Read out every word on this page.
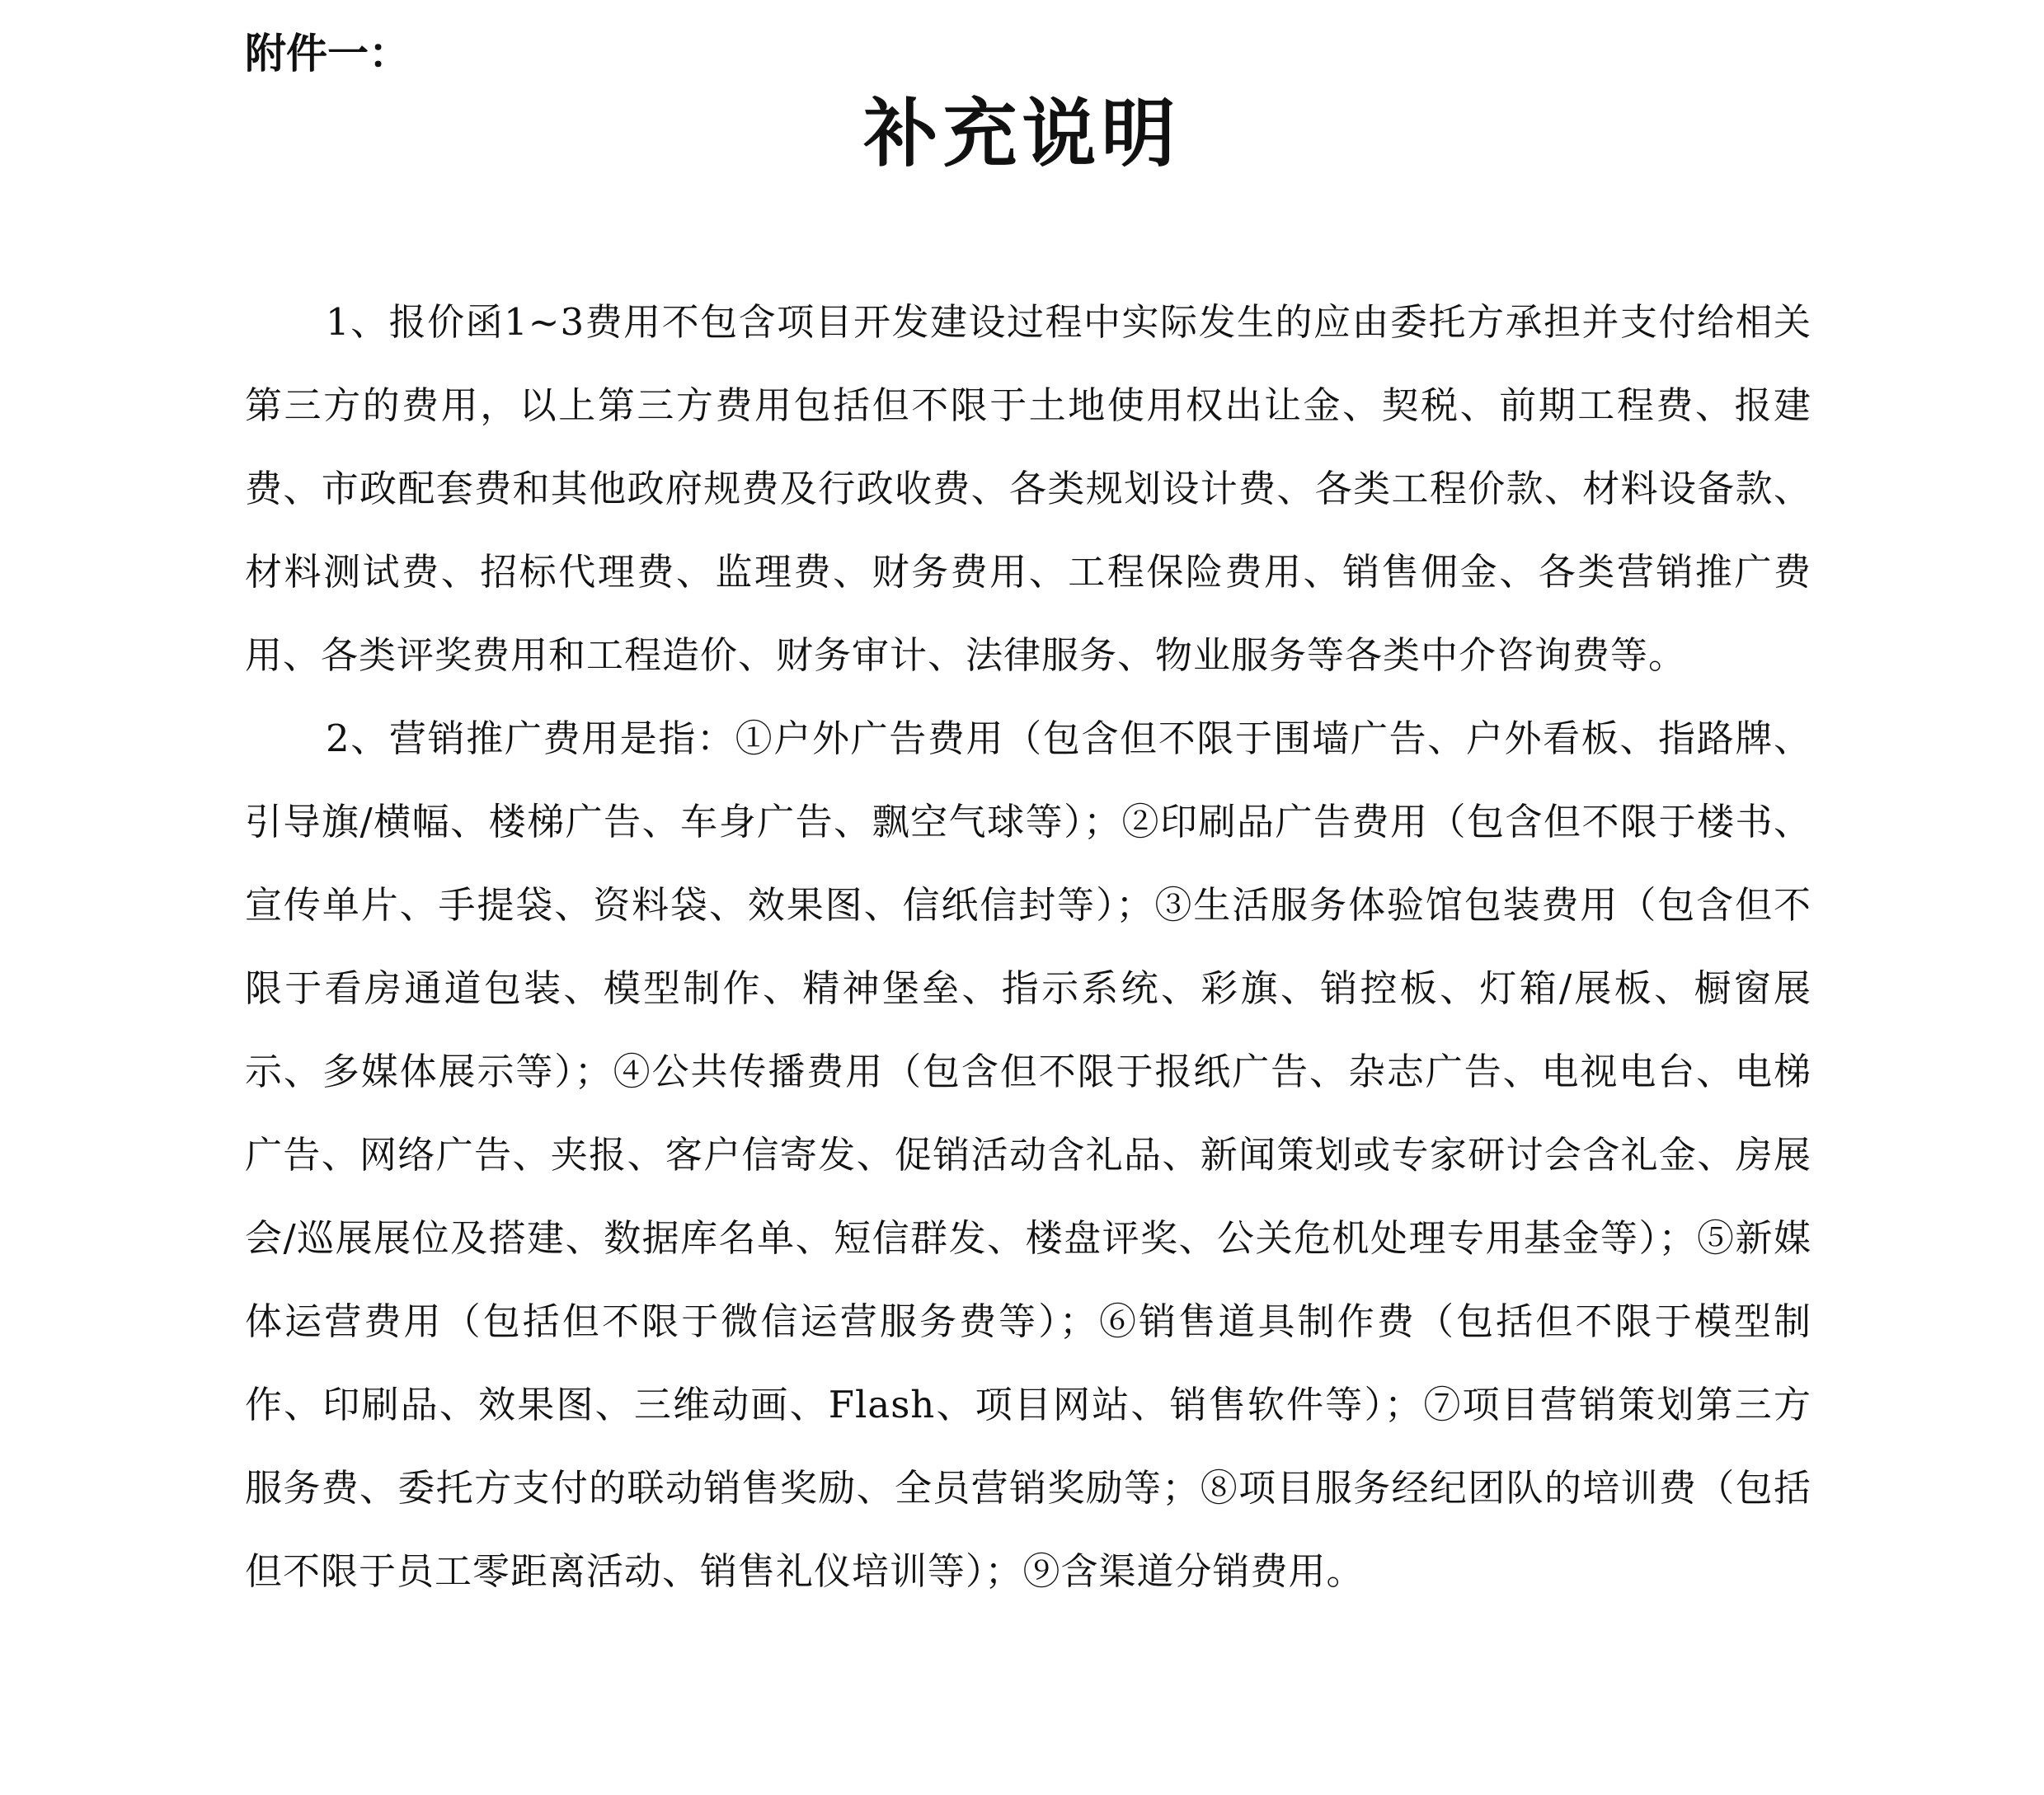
附件一：
补充说明

1、报价函1~3费用不包含项目开发建设过程中实际发生的应由委托方承担并支付给相关第三方的费用，以上第三方费用包括但不限于土地使用权出让金、契税、前期工程费、报建费、市政配套费和其他政府规费及行政收费、各类规划设计费、各类工程价款、材料设备款、材料测试费、招标代理费、监理费、财务费用、工程保险费用、销售佣金、各类营销推广费用、各类评奖费用和工程造价、财务审计、法律服务、物业服务等各类中介咨询费等。

2、营销推广费用是指：①户外广告费用（包含但不限于围墙广告、户外看板、指路牌、引导旗/横幅、楼梯广告、车身广告、飘空气球等）；②印刷品广告费用（包含但不限于楼书、宣传单片、手提袋、资料袋、效果图、信纸信封等）；③生活服务体验馆包装费用（包含但不限于看房通道包装、模型制作、精神堡垒、指示系统、彩旗、销控板、灯箱/展板、橱窗展示、多媒体展示等）；④公共传播费用（包含但不限于报纸广告、杂志广告、电视电台、电梯广告、网络广告、夹报、客户信寄发、促销活动含礼品、新闻策划或专家研讨会含礼金、房展会/巡展展位及搭建、数据库名单、短信群发、楼盘评奖、公关危机处理专用基金等）；⑤新媒体运营费用（包括但不限于微信运营服务费等）；⑥销售道具制作费（包括但不限于模型制作、印刷品、效果图、三维动画、Flash、项目网站、销售软件等）；⑦项目营销策划第三方服务费、委托方支付的联动销售奖励、全员营销奖励等；⑧项目服务经纪团队的培训费（包括但不限于员工零距离活动、销售礼仪培训等）；⑨含渠道分销费用。
